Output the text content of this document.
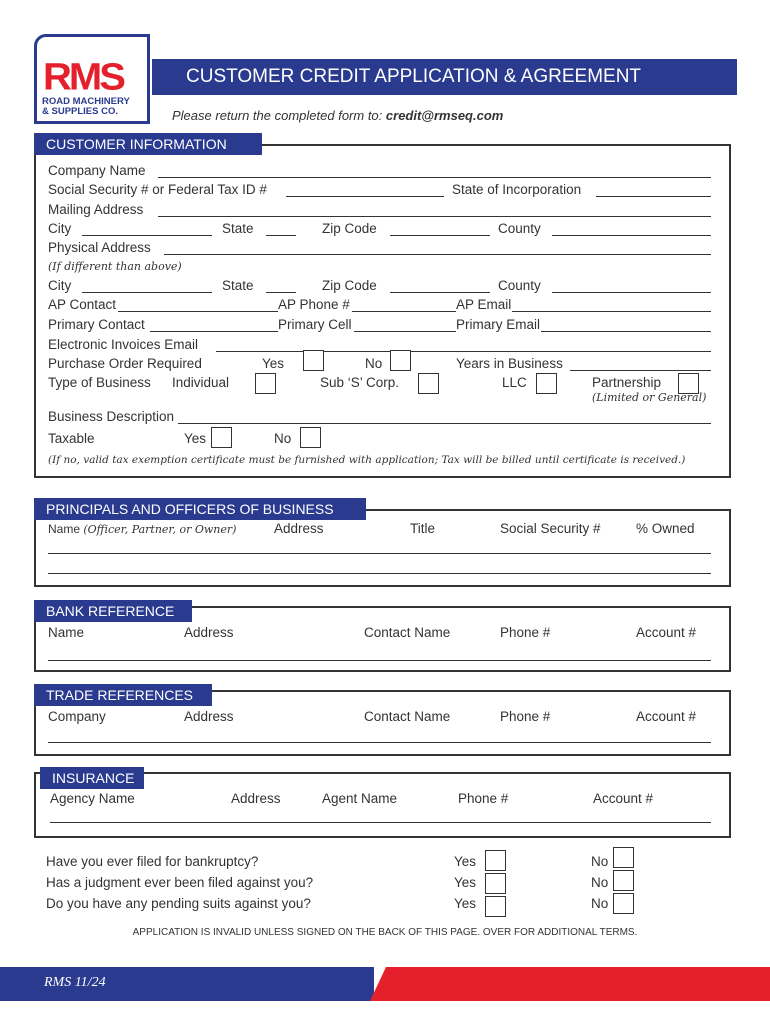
RMS
ROAD MACHINERY
& SUPPLIES CO.
CUSTOMER CREDIT APPLICATION & AGREEMENT
Please return the completed form to: credit@rmseq.com
CUSTOMER INFORMATION
Company Name
Social Security # or Federal Tax ID #	State of Incorporation
Mailing Address
City	State	Zip Code	County
Physical Address
(If different than above)
City	State	Zip Code	County
AP Contact	AP Phone #	AP Email
Primary Contact	Primary Cell	Primary Email
Electronic Invoices Email
Purchase Order Required	Yes	No	Years in Business
Type of Business Individual	Sub ‘S’ Corp.	LLC	Partnership
(Limited or General)
Business Description
Taxable	Yes	No
(If no, valid tax exemption certificate must be furnished with application; Tax will be billed until certificate is received.)
PRINCIPALS AND OFFICERS OF BUSINESS
Name (Officer, Partner, or Owner)	Address	Title	Social Security #	% Owned
BANK REFERENCE
Name	Address	Contact Name	Phone #	Account #
TRADE REFERENCES
Company	Address	Contact Name	Phone #	Account #
INSURANCE
Agency Name	Address	Agent Name	Phone #	Account #
Have you ever filed for bankruptcy?	Yes	No
Has a judgment ever been filed against you?	Yes	No
Do you have any pending suits against you?	Yes	No
APPLICATION IS INVALID UNLESS SIGNED ON THE BACK OF THIS PAGE. OVER FOR ADDITIONAL TERMS.
RMS 11/24
